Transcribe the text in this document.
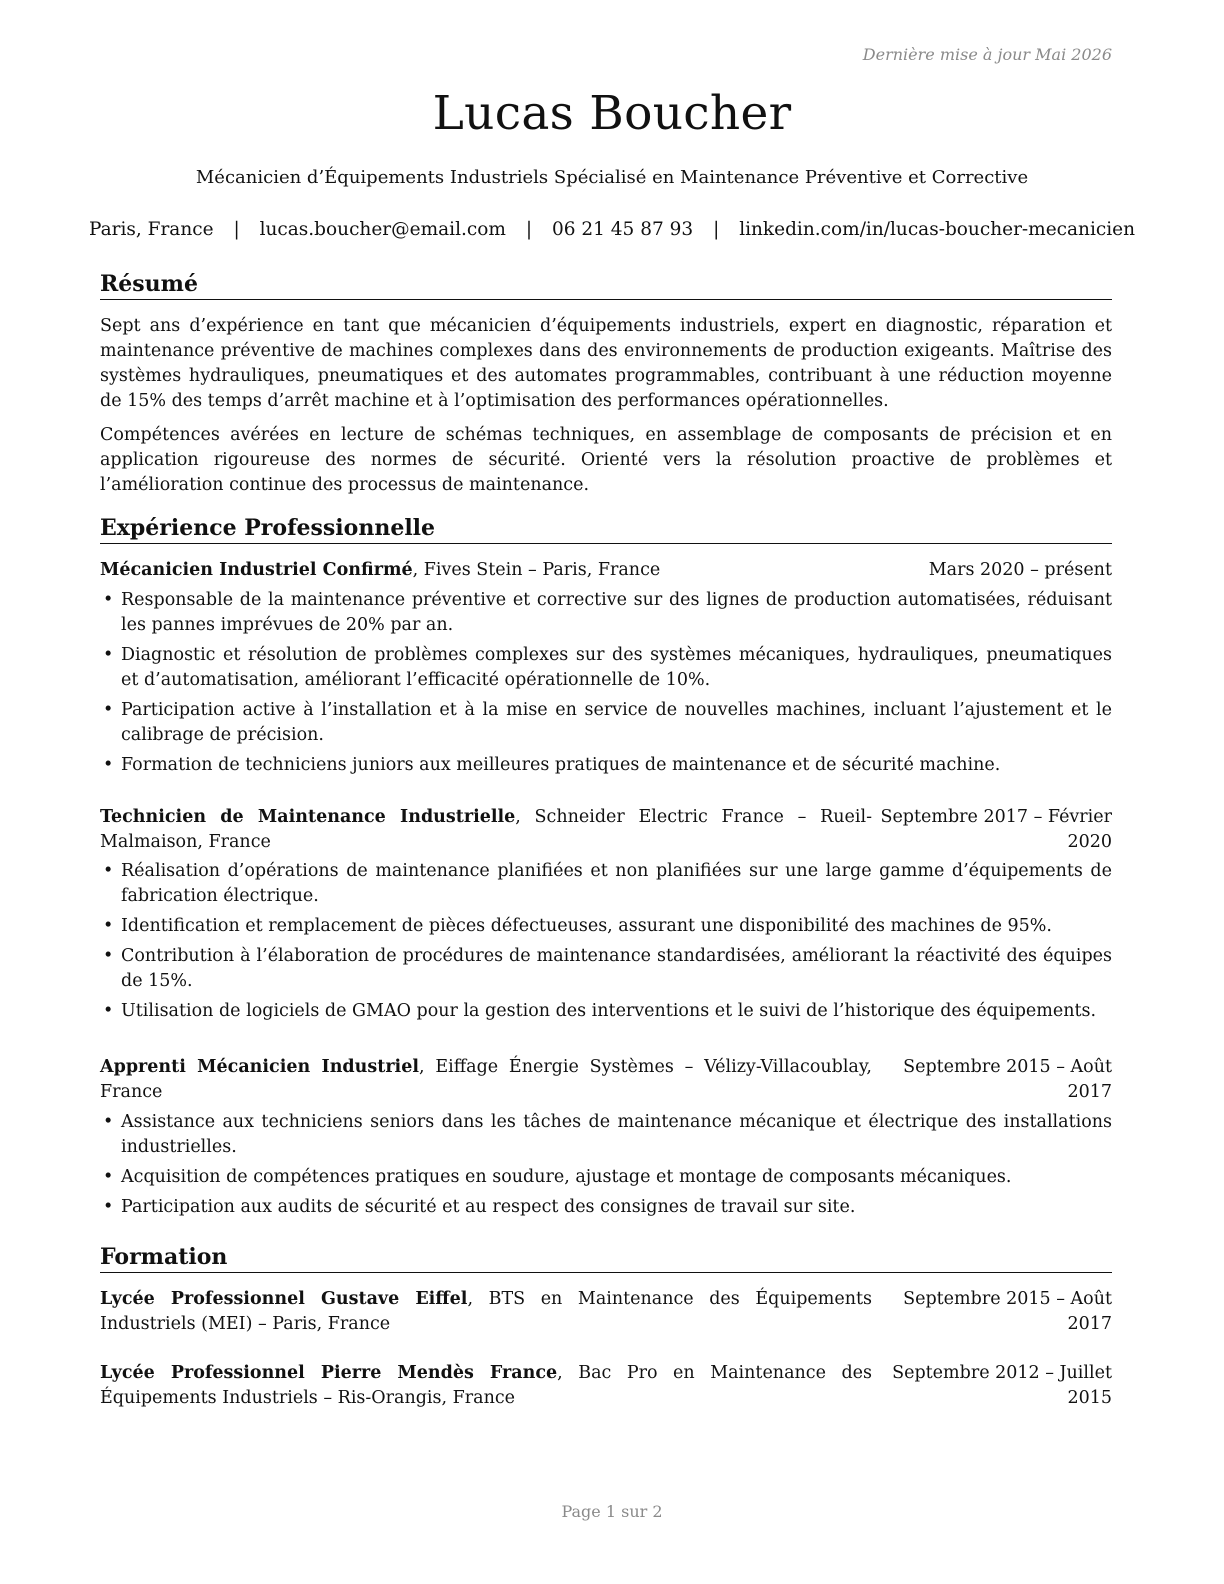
Dernière mise à jour Mai 2026
Lucas Boucher
Mécanicien d’Équipements Industriels Spécialisé en Maintenance Préventive et Corrective
Paris, France | lucas.boucher@email.com | 06 21 45 87 93 | linkedin.com/in/lucas-boucher-mecanicien
Résumé
Sept ans d’expérience en tant que mécanicien d’équipements industriels, expert en diagnostic, réparation et maintenance préventive de machines complexes dans des environnements de production exigeants. Maîtrise des systèmes hydrauliques, pneumatiques et des automates programmables, contribuant à une réduction moyenne de 15% des temps d’arrêt machine et à l’optimisation des performances opérationnelles.
Compétences avérées en lecture de schémas techniques, en assemblage de composants de précision et en application rigoureuse des normes de sécurité. Orienté vers la résolution proactive de problèmes et l’amélioration continue des processus de maintenance.
Expérience Professionnelle
Mécanicien Industriel Confirmé, Fives Stein – Paris, France	Mars 2020 – présent
• Responsable de la maintenance préventive et corrective sur des lignes de production automatisées, réduisant les pannes imprévues de 20% par an.
• Diagnostic et résolution de problèmes complexes sur des systèmes mécaniques, hydrauliques, pneumatiques et d’automatisation, améliorant l’efficacité opérationnelle de 10%.
• Participation active à l’installation et à la mise en service de nouvelles machines, incluant l’ajustement et le calibrage de précision.
• Formation de techniciens juniors aux meilleures pratiques de maintenance et de sécurité machine.
Technicien de Maintenance Industrielle, Schneider Electric France – Rueil-Malmaison, France
Septembre 2017 – Février 2020
• Réalisation d’opérations de maintenance planifiées et non planifiées sur une large gamme d’équipements de fabrication électrique.
• Identification et remplacement de pièces défectueuses, assurant une disponibilité des machines de 95%.
• Contribution à l’élaboration de procédures de maintenance standardisées, améliorant la réactivité des équipes de 15%.
• Utilisation de logiciels de GMAO pour la gestion des interventions et le suivi de l’historique des équipements.
Apprenti Mécanicien Industriel, Eiffage Énergie Systèmes – Vélizy-Villacoublay, France
Septembre 2015 – Août 2017
• Assistance aux techniciens seniors dans les tâches de maintenance mécanique et électrique des installations industrielles.
• Acquisition de compétences pratiques en soudure, ajustage et montage de composants mécaniques.
• Participation aux audits de sécurité et au respect des consignes de travail sur site.
Formation
Lycée Professionnel Gustave Eiffel, BTS en Maintenance des Équipements Industriels (MEI) – Paris, France
Septembre 2015 – Août 2017
Lycée Professionnel Pierre Mendès France, Bac Pro en Maintenance des Équipements Industriels – Ris-Orangis, France
Septembre 2012 – Juillet 2015
Page 1 sur 2
